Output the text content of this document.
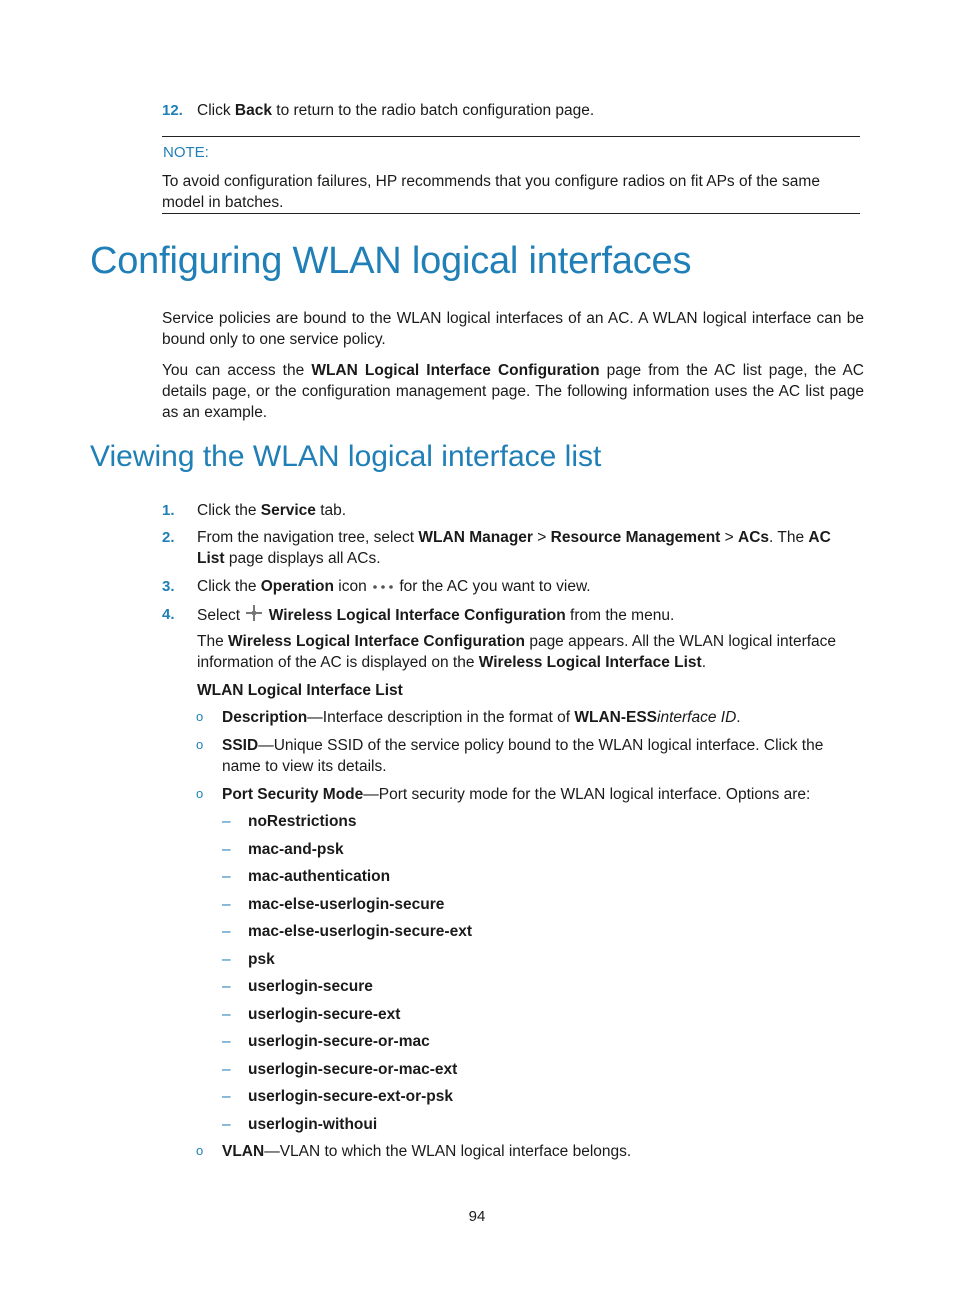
12. Click Back to return to the radio batch configuration page.
NOTE:
To avoid configuration failures, HP recommends that you configure radios on fit APs of the same model in batches.
Configuring WLAN logical interfaces
Service policies are bound to the WLAN logical interfaces of an AC. A WLAN logical interface can be bound only to one service policy.
You can access the WLAN Logical Interface Configuration page from the AC list page, the AC details page, or the configuration management page. The following information uses the AC list page as an example.
Viewing the WLAN logical interface list
1. Click the Service tab.
2. From the navigation tree, select WLAN Manager > Resource Management > ACs. The AC List page displays all ACs.
3. Click the Operation icon  for the AC you want to view.
4. Select  Wireless Logical Interface Configuration from the menu.
The Wireless Logical Interface Configuration page appears. All the WLAN logical interface information of the AC is displayed on the Wireless Logical Interface List.
WLAN Logical Interface List
o Description—Interface description in the format of WLAN-ESSinterface ID.
o SSID—Unique SSID of the service policy bound to the WLAN logical interface. Click the name to view its details.
o Port Security Mode—Port security mode for the WLAN logical interface. Options are:
– noRestrictions
– mac-and-psk
– mac-authentication
– mac-else-userlogin-secure
– mac-else-userlogin-secure-ext
– psk
– userlogin-secure
– userlogin-secure-ext
– userlogin-secure-or-mac
– userlogin-secure-or-mac-ext
– userlogin-secure-ext-or-psk
– userlogin-withoui
o VLAN—VLAN to which the WLAN logical interface belongs.
94
